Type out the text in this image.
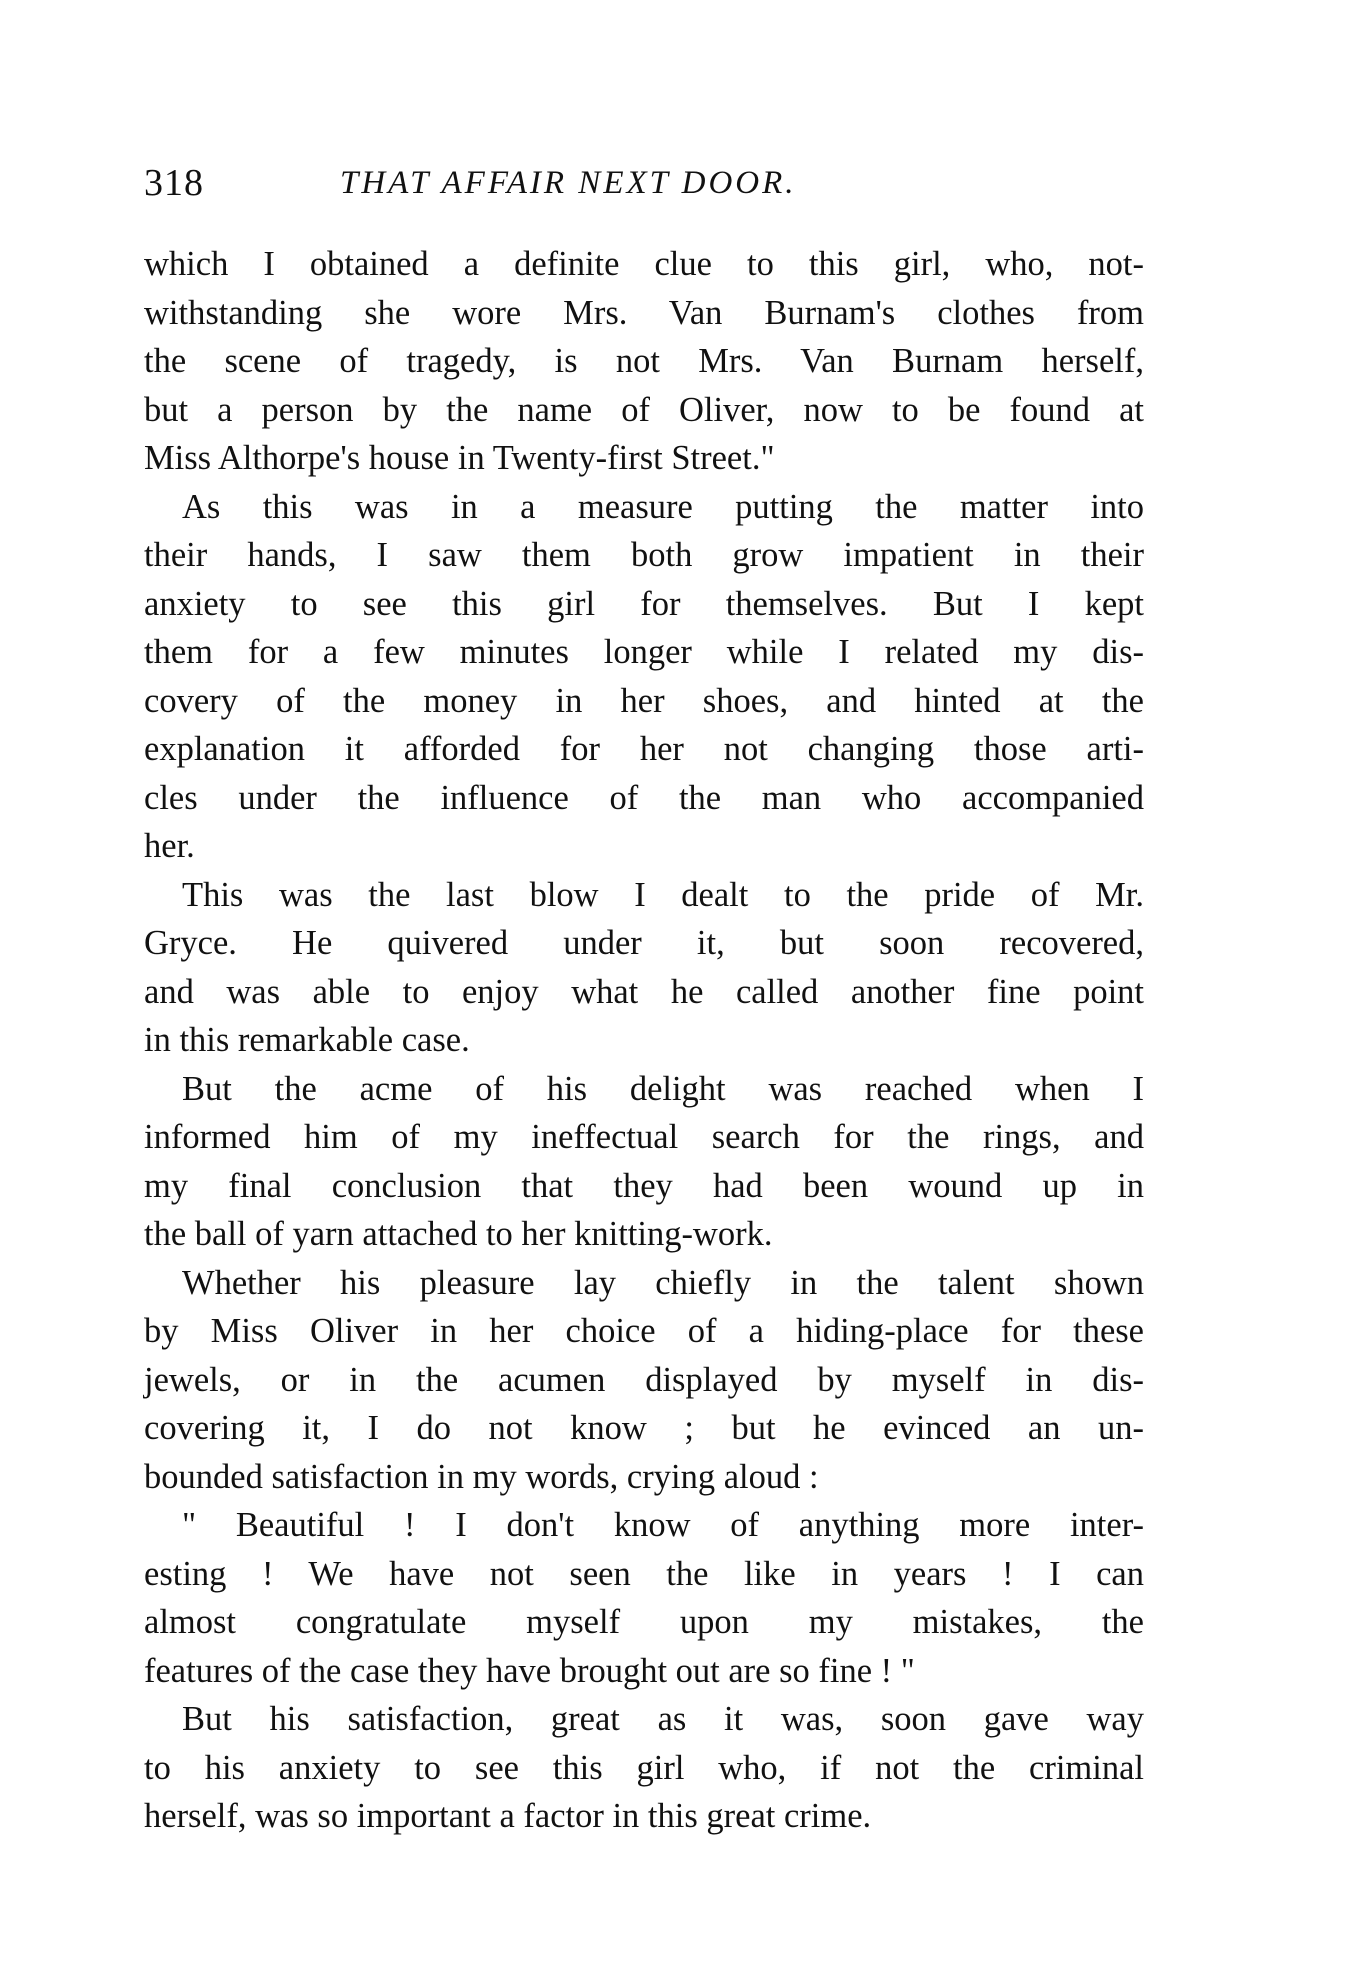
318	THAT AFFAIR NEXT DOOR.
which I obtained a definite clue to this girl, who, not-
withstanding she wore Mrs. Van Burnam's clothes from
the scene of tragedy, is not Mrs. Van Burnam herself,
but a person by the name of Oliver, now to be found at
Miss Althorpe's house in Twenty-first Street."
As this was in a measure putting the matter into
their hands, I saw them both grow impatient in their
anxiety to see this girl for themselves. But I kept
them for a few minutes longer while I related my dis-
covery of the money in her shoes, and hinted at the
explanation it afforded for her not changing those arti-
cles under the influence of the man who accompanied
her.
This was the last blow I dealt to the pride of Mr.
Gryce. He quivered under it, but soon recovered,
and was able to enjoy what he called another fine point
in this remarkable case.
But the acme of his delight was reached when I
informed him of my ineffectual search for the rings, and
my final conclusion that they had been wound up in
the ball of yarn attached to her knitting-work.
Whether his pleasure lay chiefly in the talent shown
by Miss Oliver in her choice of a hiding-place for these
jewels, or in the acumen displayed by myself in dis-
covering it, I do not know ; but he evinced an un-
bounded satisfaction in my words, crying aloud :
" Beautiful ! I don't know of anything more inter-
esting ! We have not seen the like in years ! I can
almost congratulate myself upon my mistakes, the
features of the case they have brought out are so fine ! "
But his satisfaction, great as it was, soon gave way
to his anxiety to see this girl who, if not the criminal
herself, was so important a factor in this great crime.
